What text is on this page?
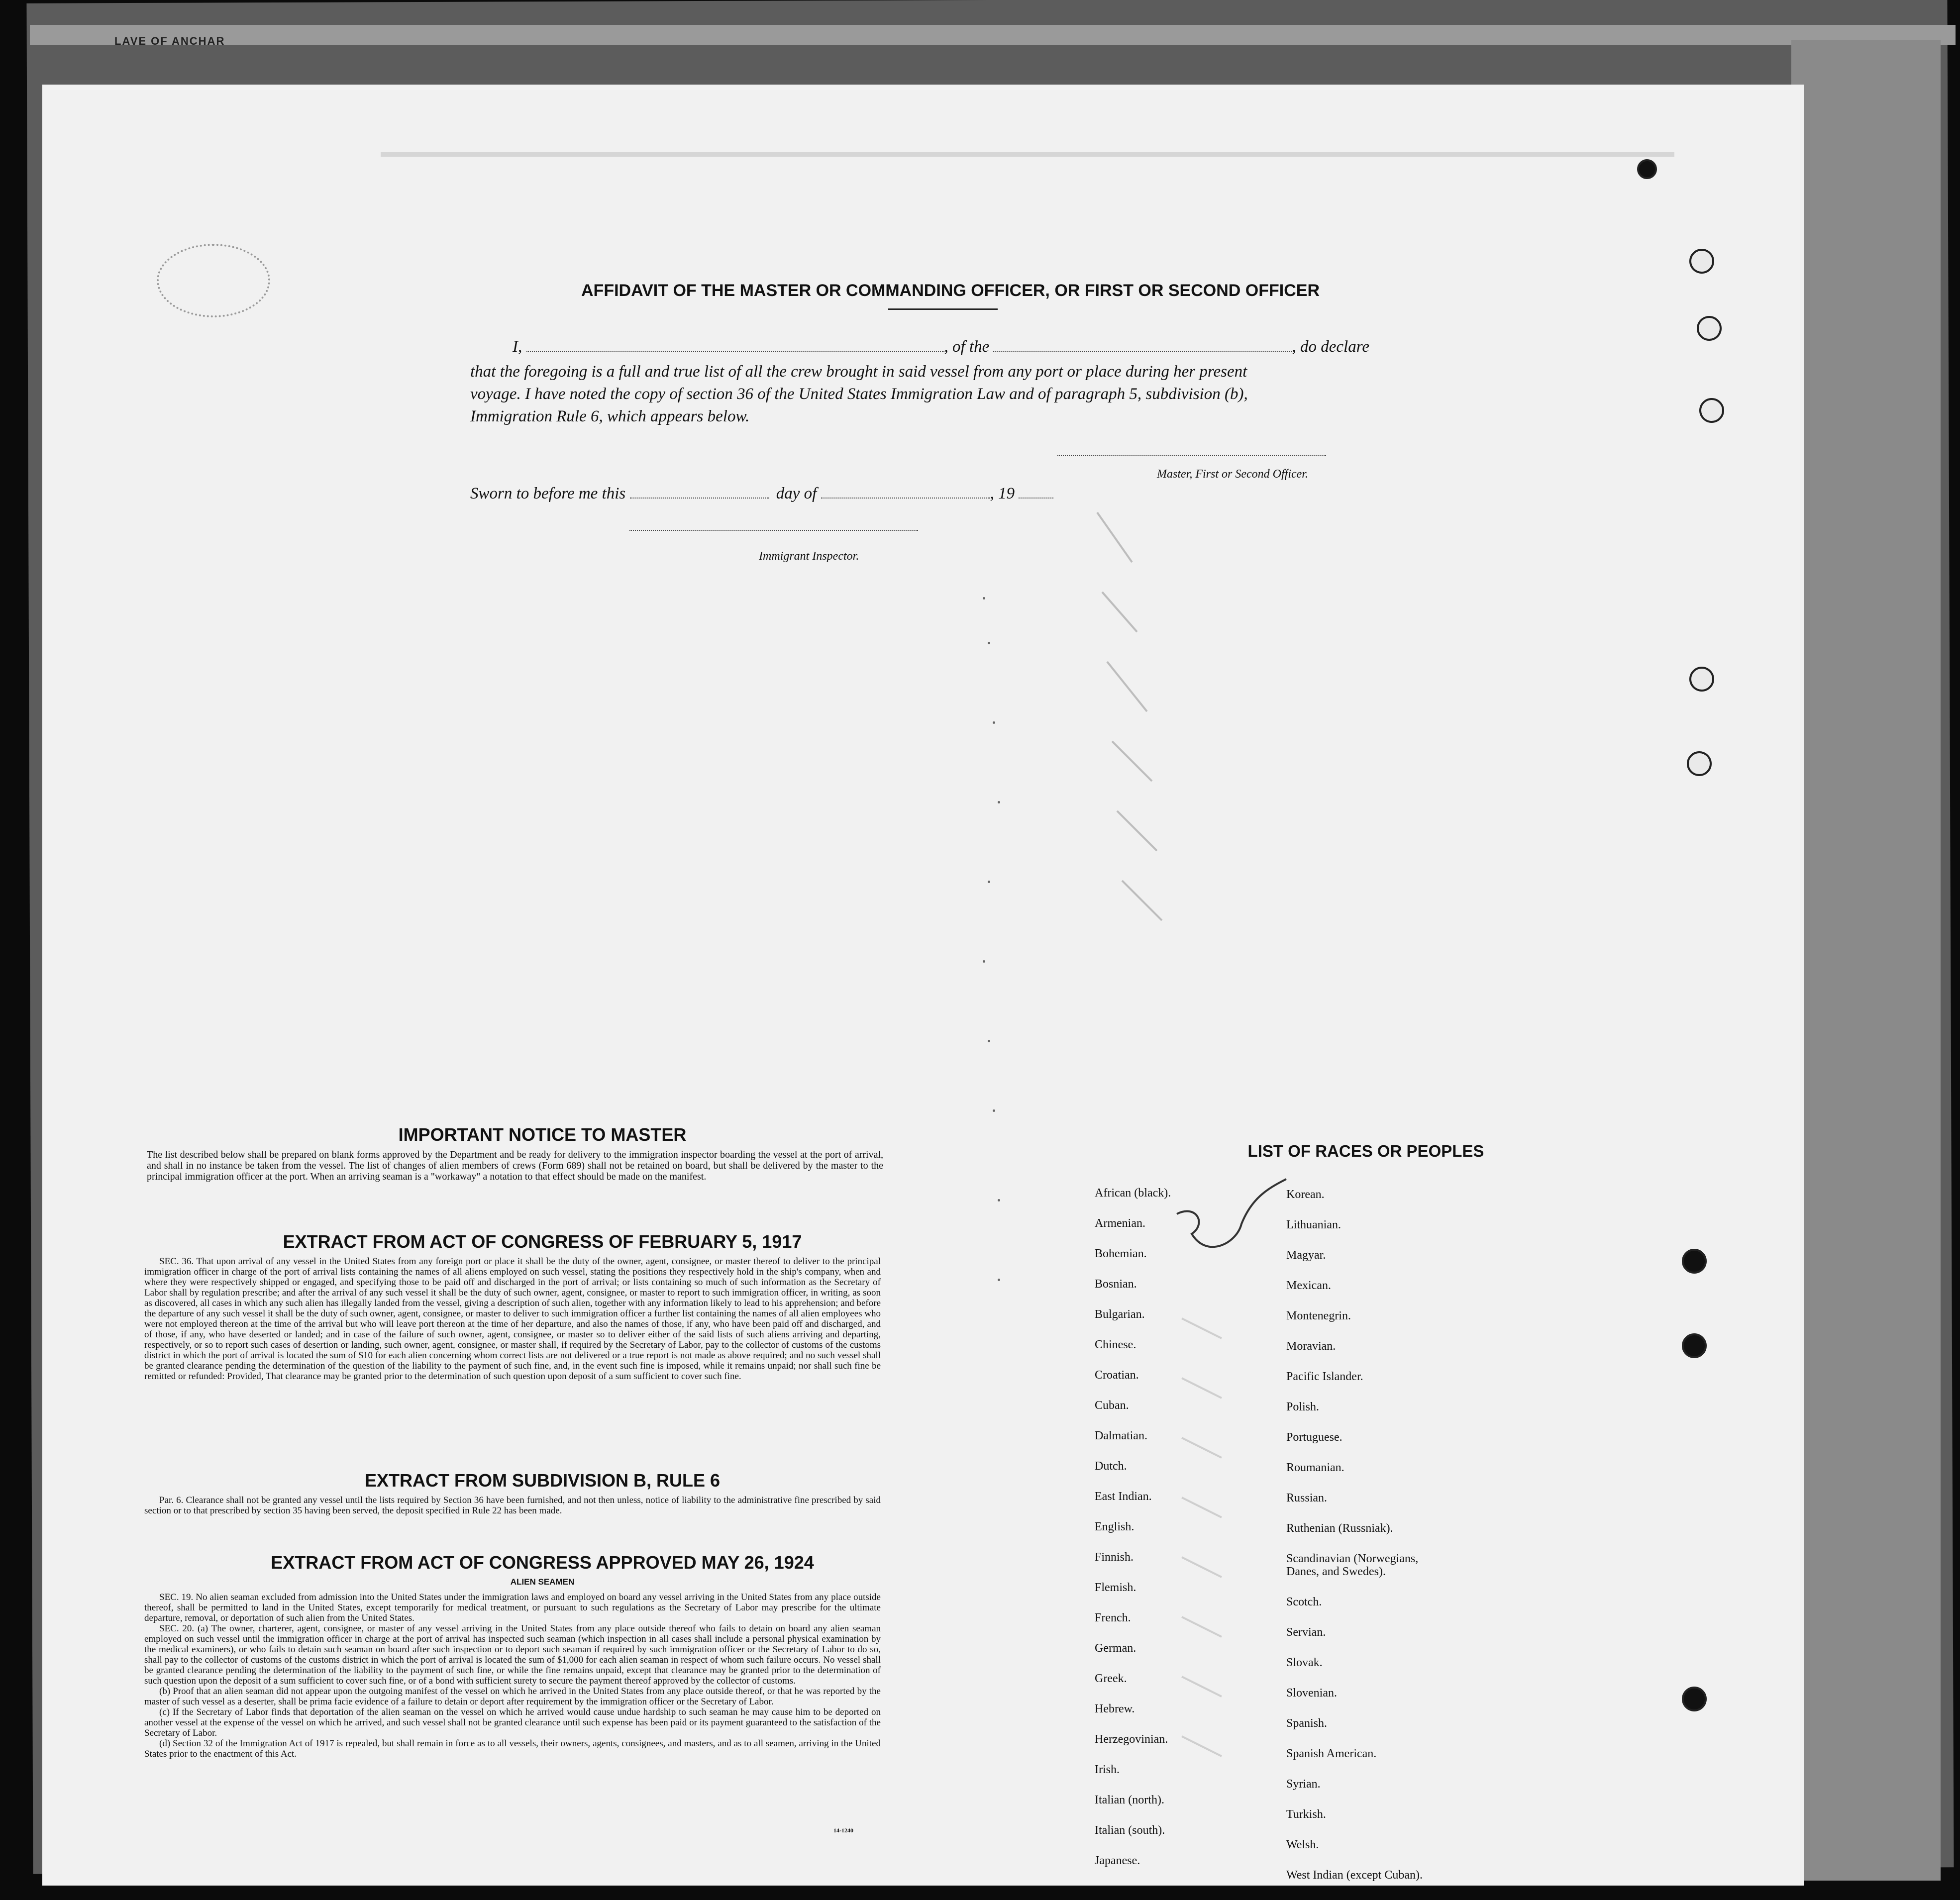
LAVE OF ANCHAR
AFFIDAVIT OF THE MASTER OR COMMANDING OFFICER, OR FIRST OR SECOND OFFICER
I,	, of the	, do declare
that the foregoing is a full and true list of all the crew brought in said vessel from any port or place during her present
voyage. I have noted the copy of section 36 of the United States Immigration Law and of paragraph 5, subdivision (b),
Immigration Rule 6, which appears below.
Master, First or Second Officer.
Sworn to before me this	day of	, 19
Immigrant Inspector.
IMPORTANT NOTICE TO MASTER
The list described below shall be prepared on blank forms approved by the Department and be ready for delivery to the immigration inspector boarding the vessel at the port of arrival, and shall in no instance be taken from the vessel. The list of changes of alien members of crews (Form 689) shall not be retained on board, but shall be delivered by the master to the principal immigration officer at the port. When an arriving seaman is a "workaway" a notation to that effect should be made on the manifest.
EXTRACT FROM ACT OF CONGRESS OF FEBRUARY 5, 1917

SEC. 36. That upon arrival of any vessel in the United States from any foreign port or place it shall be the duty of the owner, agent, consignee, or master thereof to deliver to the principal immigration officer in charge of the port of arrival lists containing the names of all aliens employed on such vessel, stating the positions they respectively hold in the ship's company, when and where they were respectively shipped or engaged, and specifying those to be paid off and discharged in the port of arrival; or lists containing so much of such information as the Secretary of Labor shall by regulation prescribe; and after the arrival of any such vessel it shall be the duty of such owner, agent, consignee, or master to report to such immigration officer, in writing, as soon as discovered, all cases in which any such alien has illegally landed from the vessel, giving a description of such alien, together with any information likely to lead to his apprehension; and before the departure of any such vessel it shall be the duty of such owner, agent, consignee, or master to deliver to such immigration officer a further list containing the names of all alien employees who were not employed thereon at the time of the arrival but who will leave port thereon at the time of her departure, and also the names of those, if any, who have been paid off and discharged, and of those, if any, who have deserted or landed; and in case of the failure of such owner, agent, consignee, or master so to deliver either of the said lists of such aliens arriving and departing, respectively, or so to report such cases of desertion or landing, such owner, agent, consignee, or master shall, if required by the Secretary of Labor, pay to the collector of customs of the customs district in which the port of arrival is located the sum of $10 for each alien concerning whom correct lists are not delivered or a true report is not made as above required; and no such vessel shall be granted clearance pending the determination of the question of the liability to the payment of such fine, and, in the event such fine is imposed, while it remains unpaid; nor shall such fine be remitted or refunded: Provided, That clearance may be granted prior to the determination of such question upon deposit of a sum sufficient to cover such fine.

EXTRACT FROM SUBDIVISION B, RULE 6

Par. 6. Clearance shall not be granted any vessel until the lists required by Section 36 have been furnished, and not then unless, notice of liability to the administrative fine prescribed by said section or to that prescribed by section 35 having been served, the deposit specified in Rule 22 has been made.

EXTRACT FROM ACT OF CONGRESS APPROVED MAY 26, 1924
ALIEN SEAMEN

SEC. 19. No alien seaman excluded from admission into the United States under the immigration laws and employed on board any vessel arriving in the United States from any place outside thereof, shall be permitted to land in the United States, except temporarily for medical treatment, or pursuant to such regulations as the Secretary of Labor may prescribe for the ultimate departure, removal, or deportation of such alien from the United States.

SEC. 20. (a) The owner, charterer, agent, consignee, or master of any vessel arriving in the United States from any place outside thereof who fails to detain on board any alien seaman employed on such vessel until the immigration officer in charge at the port of arrival has inspected such seaman (which inspection in all cases shall include a personal physical examination by the medical examiners), or who fails to detain such seaman on board after such inspection or to deport such seaman if required by such immigration officer or the Secretary of Labor to do so, shall pay to the collector of customs of the customs district in which the port of arrival is located the sum of $1,000 for each alien seaman in respect of whom such failure occurs. No vessel shall be granted clearance pending the determination of the liability to the payment of such fine, or while the fine remains unpaid, except that clearance may be granted prior to the determination of such question upon the deposit of a sum sufficient to cover such fine, or of a bond with sufficient surety to secure the payment thereof approved by the collector of customs.

(b) Proof that an alien seaman did not appear upon the outgoing manifest of the vessel on which he arrived in the United States from any place outside thereof, or that he was reported by the master of such vessel as a deserter, shall be prima facie evidence of a failure to detain or deport after requirement by the immigration officer or the Secretary of Labor.

(c) If the Secretary of Labor finds that deportation of the alien seaman on the vessel on which he arrived would cause undue hardship to such seaman he may cause him to be deported on another vessel at the expense of the vessel on which he arrived, and such vessel shall not be granted clearance until such expense has been paid or its payment guaranteed to the satisfaction of the Secretary of Labor.

(d) Section 32 of the Immigration Act of 1917 is repealed, but shall remain in force as to all vessels, their owners, agents, consignees, and masters, and as to all seamen, arriving in the United States prior to the enactment of this Act.

14-1240
LIST OF RACES OR PEOPLES
African (black).
Armenian.
Bohemian.
Bosnian.
Bulgarian.
Chinese.
Croatian.
Cuban.
Dalmatian.
Dutch.
East Indian.
English.
Finnish.
Flemish.
French.
German.
Greek.
Hebrew.
Herzegovinian.
Irish.
Italian (north).
Italian (south).
Japanese.
Korean.
Lithuanian.
Magyar.
Mexican.
Montenegrin.
Moravian.
Pacific Islander.
Polish.
Portuguese.
Roumanian.
Russian.
Ruthenian (Russniak).
Scandinavian (Norwegians,
Danes, and Swedes).
Scotch.
Servian.
Slovak.
Slovenian.
Spanish.
Spanish American.
Syrian.
Turkish.
Welsh.
West Indian (except Cuban).
